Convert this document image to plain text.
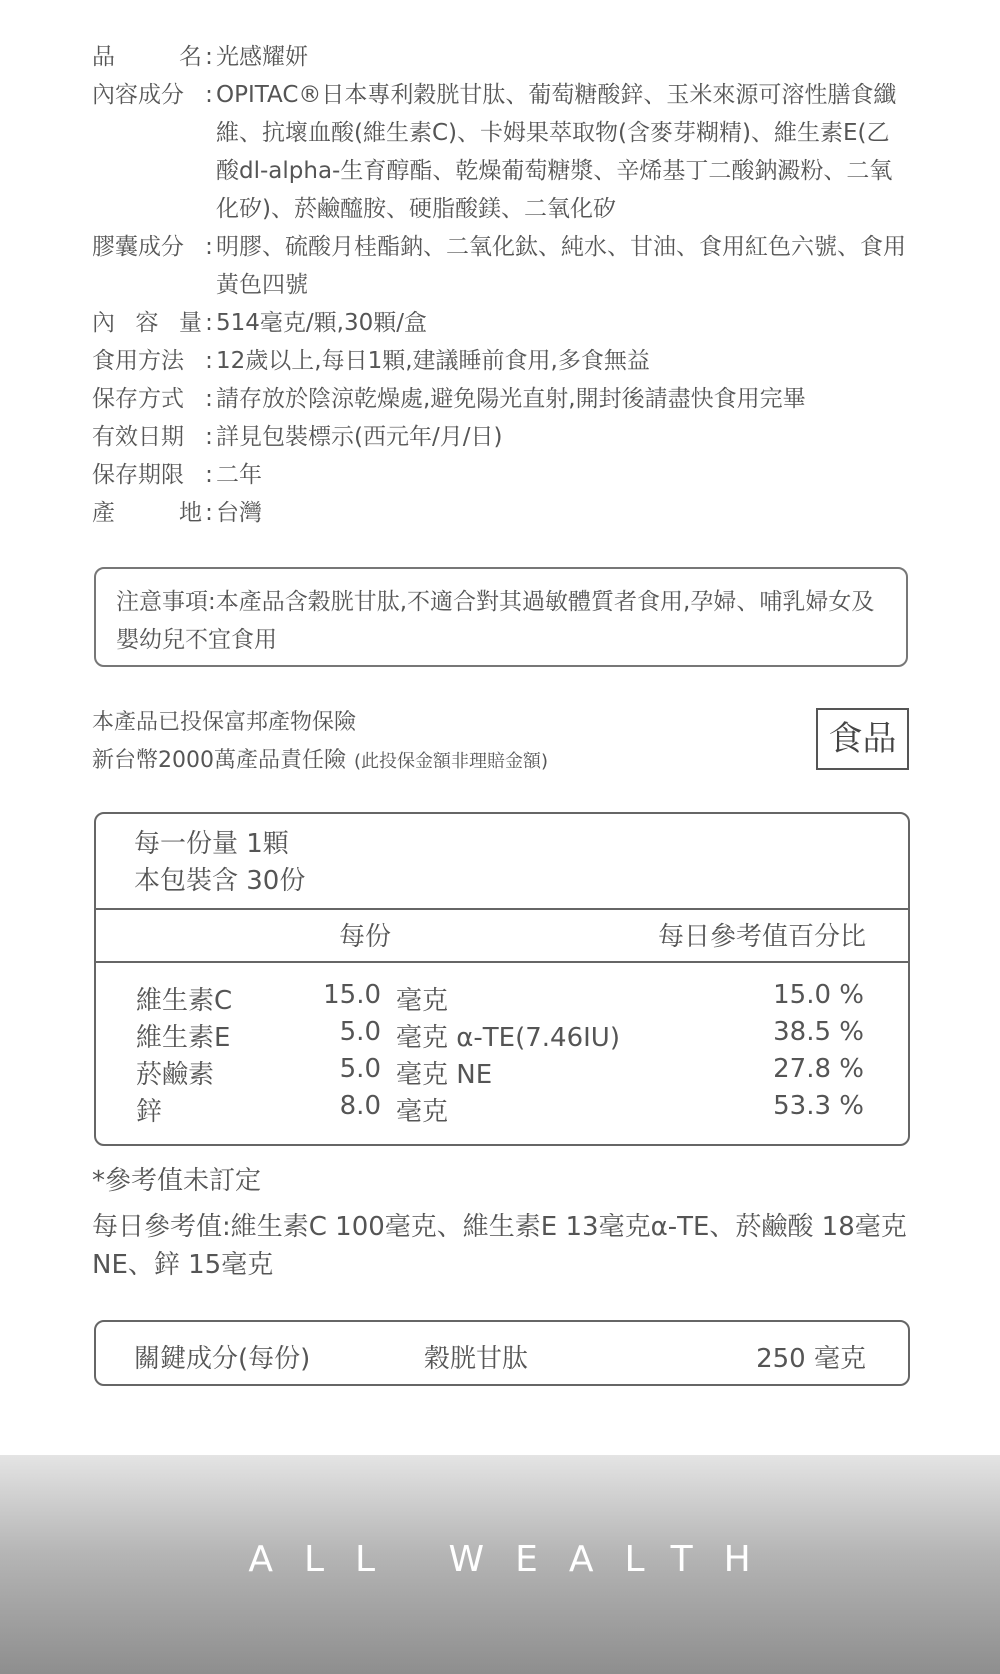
品	名 : 光感耀妍
內容成分 : OPITAC®日本專利穀胱甘肽、葡萄糖酸鋅、玉米來源可溶性膳食纖維、抗壞血酸(維生素C)、卡姆果萃取物(含麥芽糊精)、維生素E(乙酸dl-alpha-生育醇酯、乾燥葡萄糖漿、辛烯基丁二酸鈉澱粉、二氧化矽)、菸鹼醯胺、硬脂酸鎂、二氧化矽
膠囊成分 : 明膠、硫酸月桂酯鈉、二氧化鈦、純水、甘油、食用紅色六號、食用黃色四號
內 容 量 : 514毫克/顆,30顆/盒
食用方法 : 12歲以上,每日1顆,建議睡前食用,多食無益
保存方式 : 請存放於陰涼乾燥處,避免陽光直射,開封後請盡快食用完畢
有效日期 : 詳見包裝標示(西元年/月/日)
保存期限 : 二年
產	地 : 台灣
注意事項:本產品含穀胱甘肽,不適合對其過敏體質者食用,孕婦、哺乳婦女及嬰幼兒不宜食用
本產品已投保富邦產物保險
新台幣2000萬產品責任險 (此投保金額非理賠金額)
食品
每一份量 1顆
本包裝含 30份
每份	每日參考值百分比
維生素C	15.0 毫克	15.0 %
維生素E	5.0 毫克 α-TE(7.46IU)	38.5 %
菸鹼素	5.0 毫克 NE	27.8 %
鋅	8.0 毫克	53.3 %
*參考值未訂定
每日參考值:維生素C 100毫克、維生素E 13毫克α-TE、菸鹼酸 18毫克NE、鋅 15毫克
關鍵成分(每份)	穀胱甘肽	250 毫克
ALL WEALTH
